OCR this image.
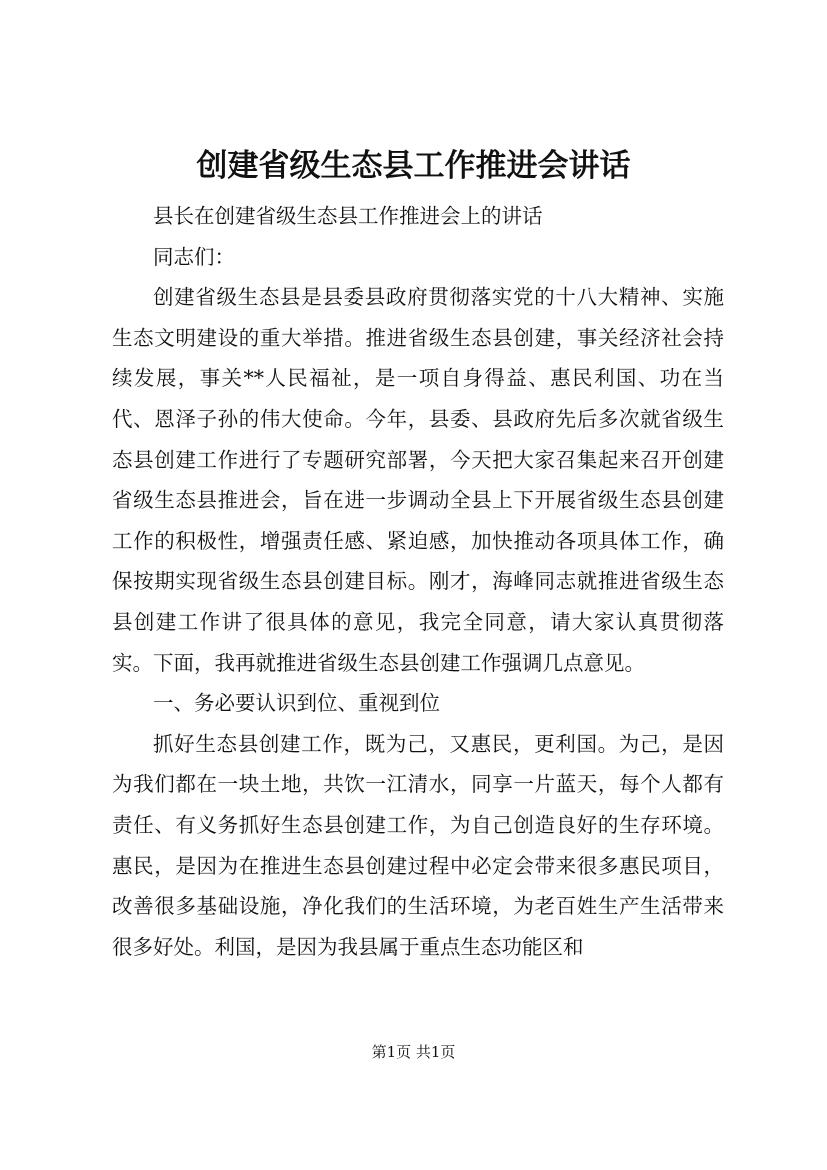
创建省级生态县工作推进会讲话

县长在创建省级生态县工作推进会上的讲话

同志们：

创建省级生态县是县委县政府贯彻落实党的十八大精神、实施生态文明建设的重大举措。推进省级生态县创建，事关经济社会持续发展，事关**人民福祉，是一项自身得益、惠民利国、功在当代、恩泽子孙的伟大使命。今年，县委、县政府先后多次就省级生态县创建工作进行了专题研究部署，今天把大家召集起来召开创建省级生态县推进会，旨在进一步调动全县上下开展省级生态县创建工作的积极性，增强责任感、紧迫感，加快推动各项具体工作，确保按期实现省级生态县创建目标。刚才，海峰同志就推进省级生态县创建工作讲了很具体的意见，我完全同意，请大家认真贯彻落实。下面，我再就推进省级生态县创建工作强调几点意见。

一、务必要认识到位、重视到位

抓好生态县创建工作，既为己，又惠民，更利国。为己，是因为我们都在一块土地，共饮一江清水，同享一片蓝天，每个人都有责任、有义务抓好生态县创建工作，为自己创造良好的生存环境。惠民，是因为在推进生态县创建过程中必定会带来很多惠民项目，改善很多基础设施，净化我们的生活环境，为老百姓生产生活带来很多好处。利国，是因为我县属于重点生态功能区和

第1页 共1页
